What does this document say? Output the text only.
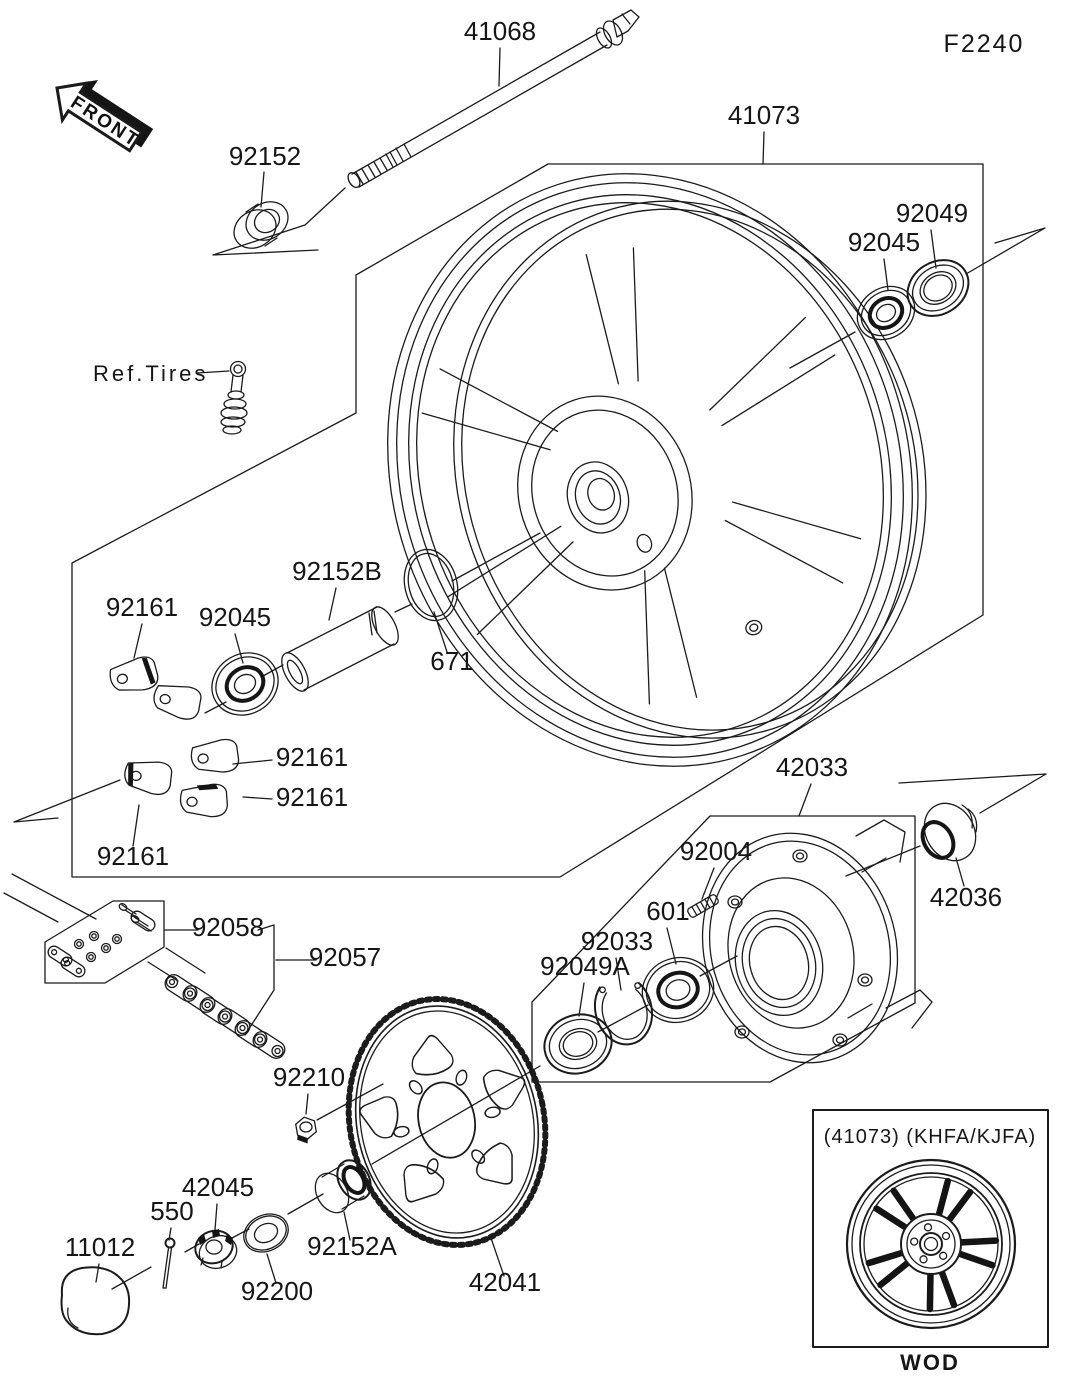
FRONT
41068	F2240
92152
41073
92049
92045
Ref.Tires
92152B
671
92161 92045
92161
92161
92161
42033
92004
42036
601
92033
92049A
92058
92057
92210
42045
550
11012
92200
92152A
42041
(41073) (KHFA/KJFA)
WOD
